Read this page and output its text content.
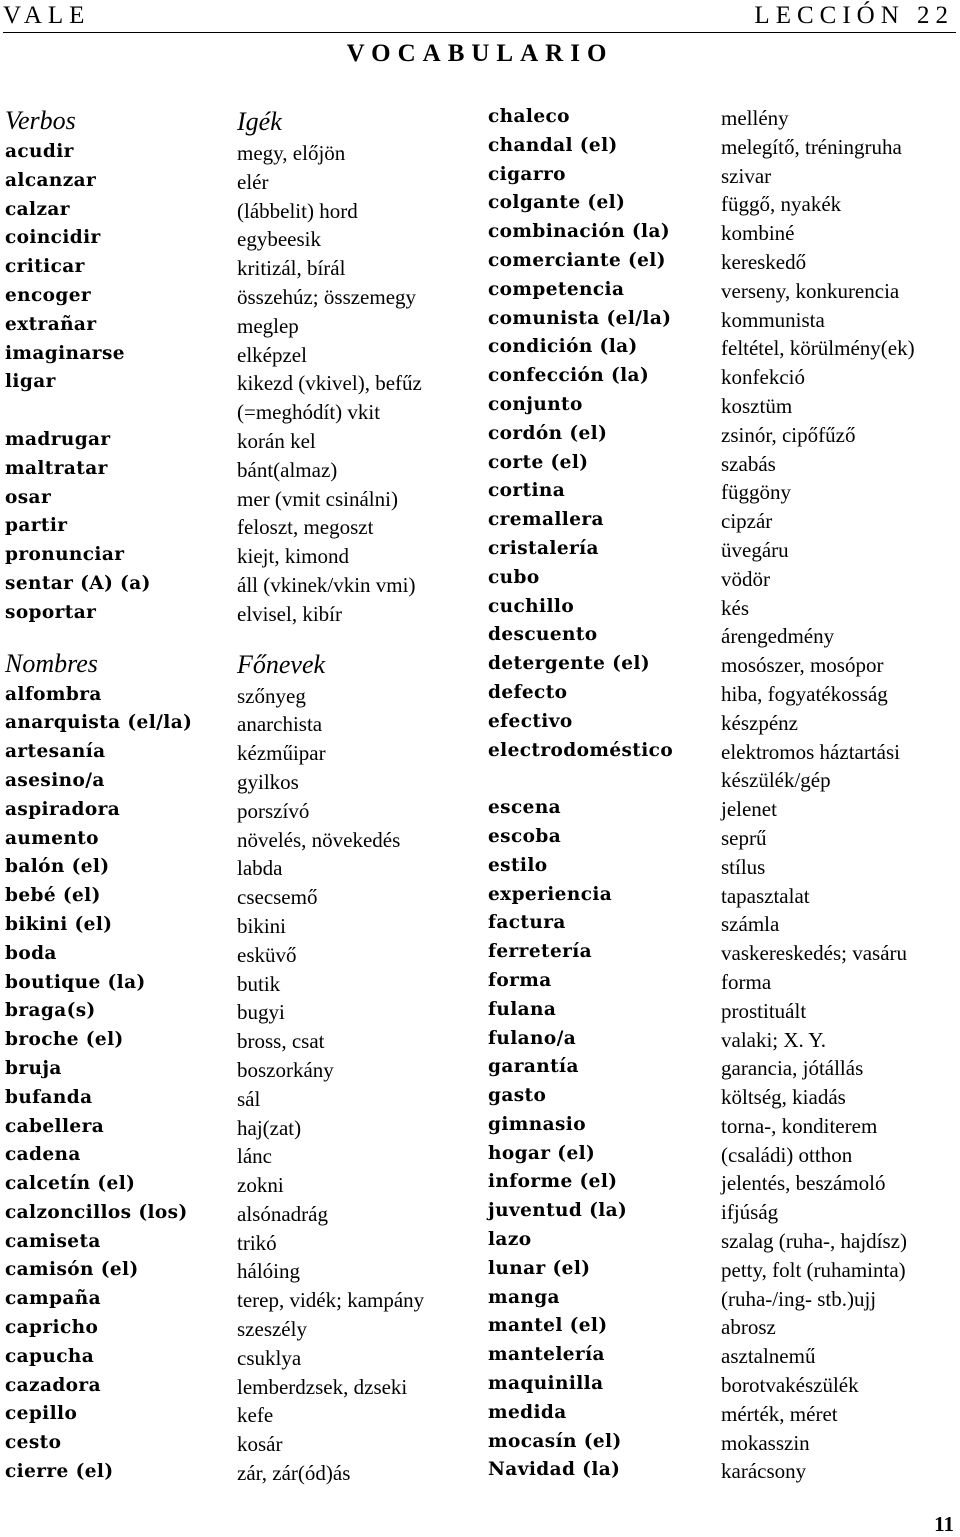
VALE	LECCIÓN 22
VOCABULARIO
Verbos
acudir
alcanzar
calzar
coincidir
criticar
encoger
extrañar
imaginarse
ligar
madrugar
maltratar
osar
partir
pronunciar
sentar (A) (a)
soportar
Nombres
alfombra
anarquista (el/la)
artesanía
asesino/a
aspiradora
aumento
balón (el)
bebé (el)
bikini (el)
boda
boutique (la)
braga(s)
broche (el)
bruja
bufanda
cabellera
cadena
calcetín (el)
calzoncillos (los)
camiseta
camisón (el)
campaña
capricho
capucha
cazadora
cepillo
cesto
cierre (el)
Igék
megy, előjön
elér
(lábbelit) hord
egybeesik
kritizál, bírál
összehúz; összemegy
meglep
elképzel
kikezd (vkivel), befűz
(=meghódít) vkit
korán kel
bánt(almaz)
mer (vmit csinálni)
feloszt, megoszt
kiejt, kimond
áll (vkinek/vkin vmi)
elvisel, kibír
Főnevek
szőnyeg
anarchista
kézműipar
gyilkos
porszívó
növelés, növekedés
labda
csecsemő
bikini
esküvő
butik
bugyi
bross, csat
boszorkány
sál
haj(zat)
lánc
zokni
alsónadrág
trikó
hálóing
terep, vidék; kampány
szeszély
csuklya
lemberdzsek, dzseki
kefe
kosár
zár, zár(ód)ás
chaleco
chandal (el)
cigarro
colgante (el)
combinación (la)
comerciante (el)
competencia
comunista (el/la)
condición (la)
confección (la)
conjunto
cordón (el)
corte (el)
cortina
cremallera
cristalería
cubo
cuchillo
descuento
detergente (el)
defecto
efectivo
electrodoméstico
escena
escoba
estilo
experiencia
factura
ferretería
forma
fulana
fulano/a
garantía
gasto
gimnasio
hogar (el)
informe (el)
juventud (la)
lazo
lunar (el)
manga
mantel (el)
mantelería
maquinilla
medida
mocasín (el)
Navidad (la)
mellény
melegítő, tréningruha
szivar
függő, nyakék
kombiné
kereskedő
verseny, konkurencia
kommunista
feltétel, körülmény(ek)
konfekció
kosztüm
zsinór, cipőfűző
szabás
függöny
cipzár
üvegáru
vödör
kés
árengedmény
mosószer, mosópor
hiba, fogyatékosság
készpénz
elektromos háztartási
készülék/gép
jelenet
seprű
stílus
tapasztalat
számla
vaskereskedés; vasáru
forma
prostituált
valaki; X. Y.
garancia, jótállás
költség, kiadás
torna-, konditerem
(családi) otthon
jelentés, beszámoló
ifjúság
szalag (ruha-, hajdísz)
petty, folt (ruhaminta)
(ruha-/ing- stb.)ujj
abrosz
asztalnemű
borotvakészülék
mérték, méret
mokasszin
karácsony
11
